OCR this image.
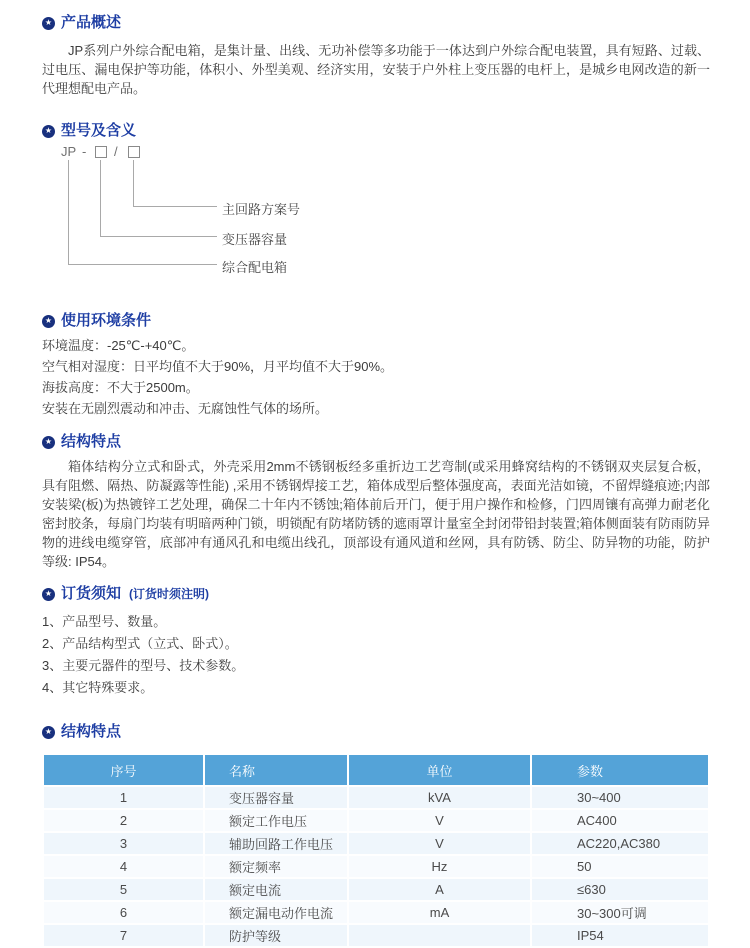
★ 产品概述

JP系列户外综合配电箱，是集计量、出线、无功补偿等多功能于一体达到户外综合配电装置，具有短路、过载、过电压、漏电保护等功能，体积小、外型美观、经济实用，安装于户外柱上变压器的电杆上，是城乡电网改造的新一代理想配电产品。

★ 型号及含义
JP - /
主回路方案号
变压器容量
综合配电箱
★ 使用环境条件

环境温度：-25℃-+40℃。

空气相对湿度：日平均值不大于90%，月平均值不大于90%。

海拔高度：不大于2500m。

安装在无剧烈震动和冲击、无腐蚀性气体的场所。

★ 结构特点

箱体结构分立式和卧式，外壳采用2mm不锈钢板经多重折边工艺弯制(或采用蜂窝结构的不锈钢双夹层复合板，具有阻燃、隔热、防凝露等性能) ,采用不锈钢焊接工艺，箱体成型后整体强度高，表面光洁如镜，不留焊缝痕迹;内部安装梁(板)为热镀锌工艺处理，确保二十年内不锈蚀;箱体前后开门，便于用户操作和检修，门四周镶有高弹力耐老化密封胶条，每扇门均装有明暗两种门锁，明锁配有防堵防锈的遮雨罩计量室全封闭带铅封装置;箱体侧面装有防雨防异物的进线电缆穿管，底部冲有通风孔和电缆出线孔，顶部设有通风道和丝网，具有防锈、防尘、防异物的功能，防护等级: IP54。

★ 订货须知 (订货时须注明)

1、产品型号、数量。

2、产品结构型式（立式、卧式）。

3、主要元器件的型号、技术参数。

4、其它特殊要求。

★ 结构特点
序号	名称	单位	参数
1	变压器容量	kVA	30~400
2	额定工作电压	V	AC400
3	辅助回路工作电压	V	AC220,AC380
4	额定频率	Hz	50
5	额定电流	A	≤630
6	额定漏电动作电流	mA	30~300可调
7	防护等级		IP54
